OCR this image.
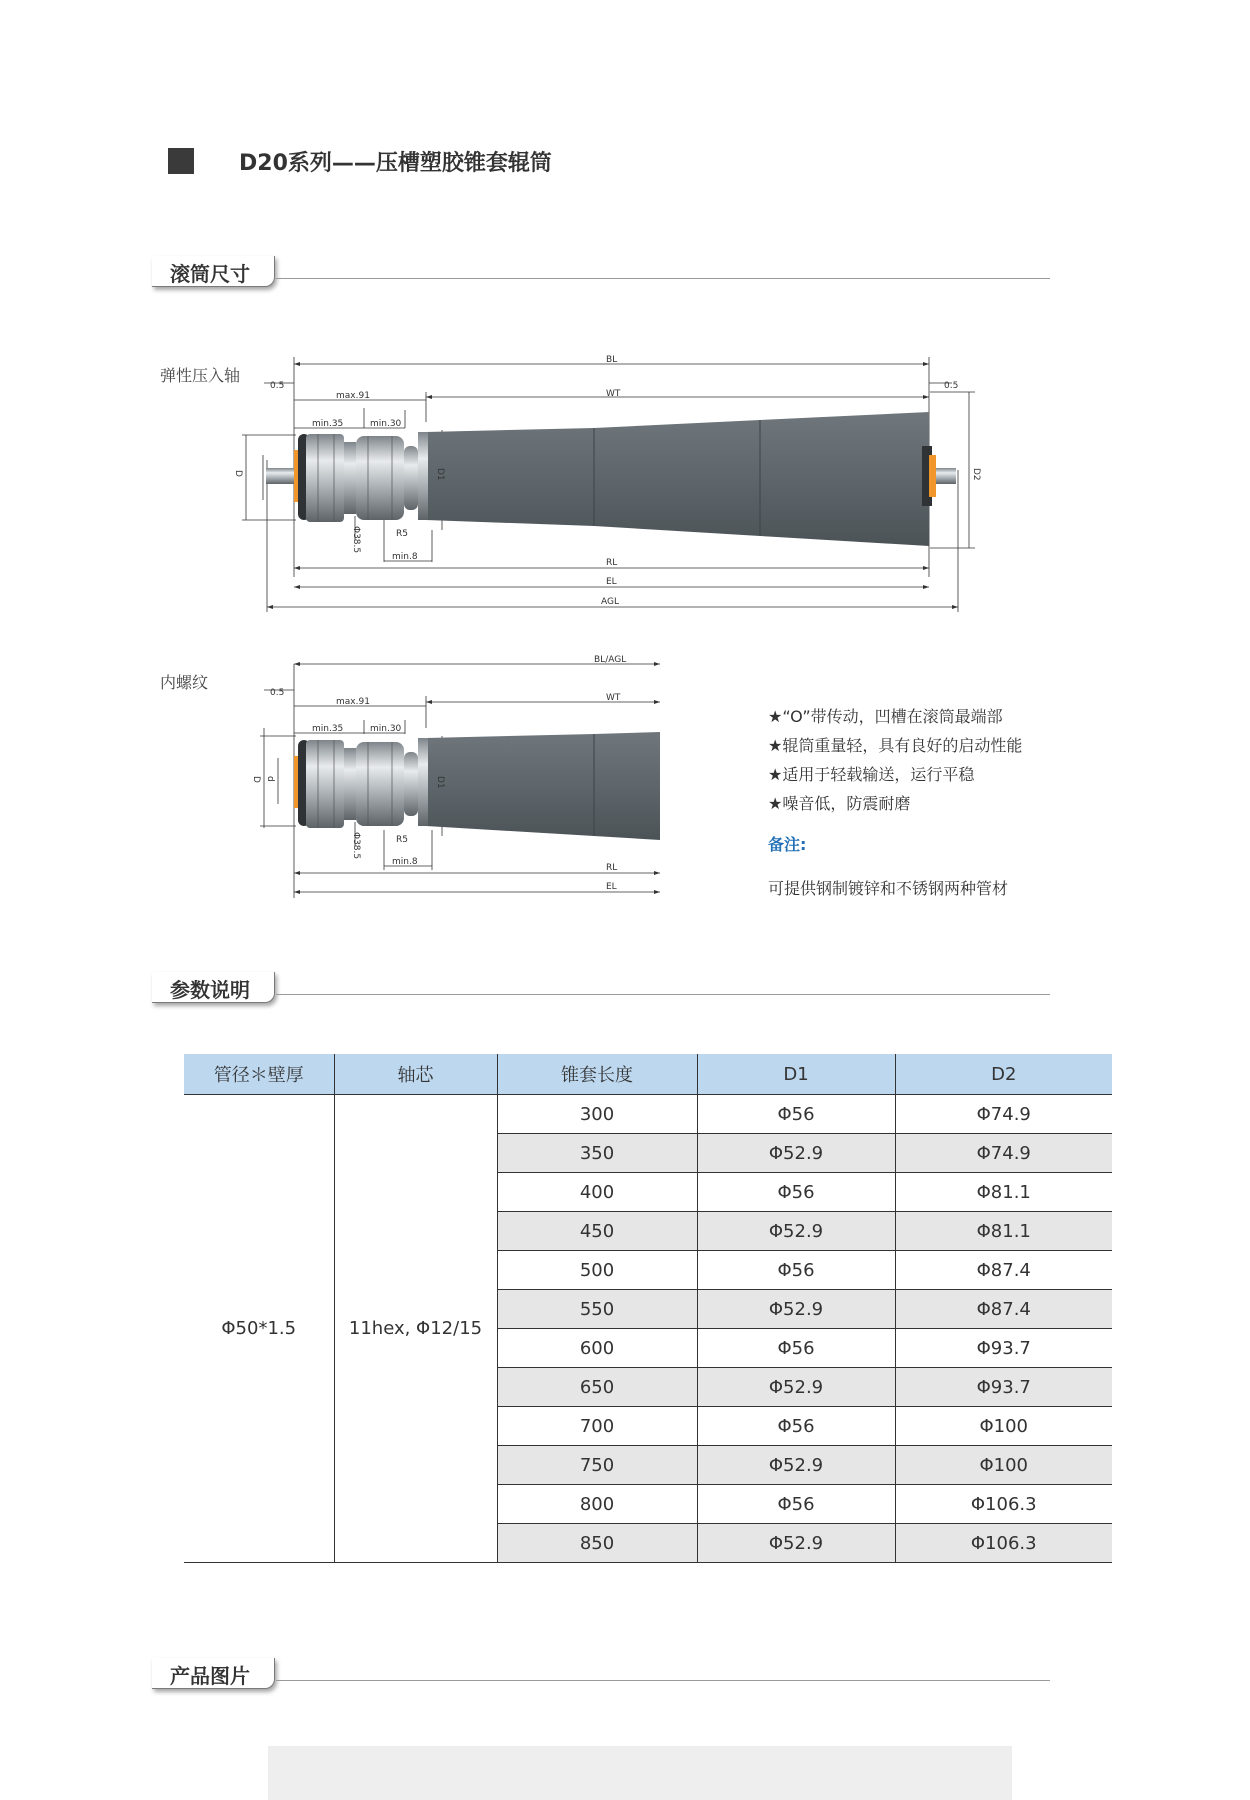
D20系列——压槽塑胶锥套辊筒
滚筒尺寸
弹性压入轴
BL
WT
max.91
min.35	min.30
0.5	0.5
R5
min.8
RL
EL
AGL
Φ38.5
D	D1	D2
内螺纹
BL/AGL
WT
max.91
min.35	min.30
0.5
R5
min.8
RL
EL
Φ38.5
D d	D1
★“O”带传动，凹槽在滚筒最端部
★辊筒重量轻，具有良好的启动性能
★适用于轻载输送，运行平稳
★噪音低，防震耐磨
备注:
可提供钢制镀锌和不锈钢两种管材
参数说明
管径＊壁厚	轴芯	锥套长度	D1	D2
Φ50*1.5	11hex, Φ12/15	300	Φ56	Φ74.9
		350	Φ52.9	Φ74.9
		400	Φ56	Φ81.1
		450	Φ52.9	Φ81.1
		500	Φ56	Φ87.4
		550	Φ52.9	Φ87.4
		600	Φ56	Φ93.7
		650	Φ52.9	Φ93.7
		700	Φ56	Φ100
		750	Φ52.9	Φ100
		800	Φ56	Φ106.3
		850	Φ52.9	Φ106.3
产品图片
